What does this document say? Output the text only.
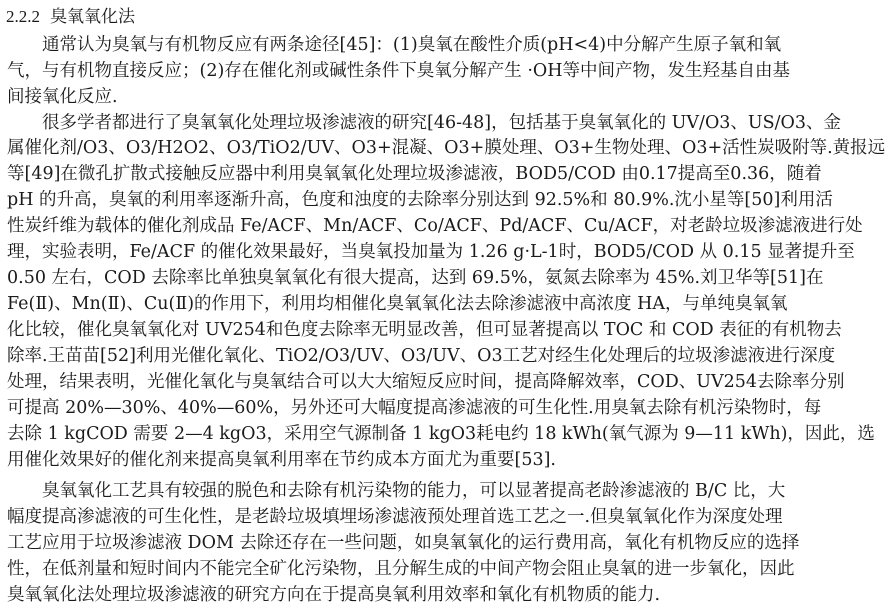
2.2.2 臭氧氧化法
通常认为臭氧与有机物反应有两条途径[45]：(1)臭氧在酸性介质(pH<4)中分解产生原子氧和氧
气，与有机物直接反应；(2)存在催化剂或碱性条件下臭氧分解产生 ·OH等中间产物，发生羟基自由基
间接氧化反应.
很多学者都进行了臭氧氧化处理垃圾渗滤液的研究[46-48]，包括基于臭氧氧化的 UV/O3、US/O3、金
属催化剂/O3、O3/H2O2、O3/TiO2/UV、O3+混凝、O3+膜处理、O3+生物处理、O3+活性炭吸附等.黄报远
等[49]在微孔扩散式接触反应器中利用臭氧氧化处理垃圾渗滤液，BOD5/COD 由0.17提高至0.36，随着
pH 的升高，臭氧的利用率逐渐升高，色度和浊度的去除率分别达到 92.5%和 80.9%.沈小星等[50]利用活
性炭纤维为载体的催化剂成品 Fe/ACF、Mn/ACF、Co/ACF、Pd/ACF、Cu/ACF，对老龄垃圾渗滤液进行处
理，实验表明，Fe/ACF 的催化效果最好，当臭氧投加量为 1.26 g·L-1时，BOD5/COD 从 0.15 显著提升至
0.50 左右，COD 去除率比单独臭氧氧化有很大提高，达到 69.5%，氨氮去除率为 45%.刘卫华等[51]在
Fe(Ⅱ)、Mn(Ⅱ)、Cu(Ⅱ)的作用下，利用均相催化臭氧氧化法去除渗滤液中高浓度 HA，与单纯臭氧氧
化比较，催化臭氧氧化对 UV254和色度去除率无明显改善，但可显著提高以 TOC 和 COD 表征的有机物去
除率.王苗苗[52]利用光催化氧化、TiO2/O3/UV、O3/UV、O3工艺对经生化处理后的垃圾渗滤液进行深度
处理，结果表明，光催化氧化与臭氧结合可以大大缩短反应时间，提高降解效率，COD、UV254去除率分别
可提高 20%—30%、40%—60%，另外还可大幅度提高渗滤液的可生化性.用臭氧去除有机污染物时，每
去除 1 kgCOD 需要 2—4 kgO3，采用空气源制备 1 kgO3耗电约 18 kWh(氧气源为 9—11 kWh)，因此，选
用催化效果好的催化剂来提高臭氧利用率在节约成本方面尤为重要[53].
臭氧氧化工艺具有较强的脱色和去除有机污染物的能力，可以显著提高老龄渗滤液的 B/C 比，大
幅度提高渗滤液的可生化性，是老龄垃圾填埋场渗滤液预处理首选工艺之一.但臭氧氧化作为深度处理
工艺应用于垃圾渗滤液 DOM 去除还存在一些问题，如臭氧氧化的运行费用高，氧化有机物反应的选择
性，在低剂量和短时间内不能完全矿化污染物，且分解生成的中间产物会阻止臭氧的进一步氧化，因此
臭氧氧化法处理垃圾渗滤液的研究方向在于提高臭氧利用效率和氧化有机物质的能力.
